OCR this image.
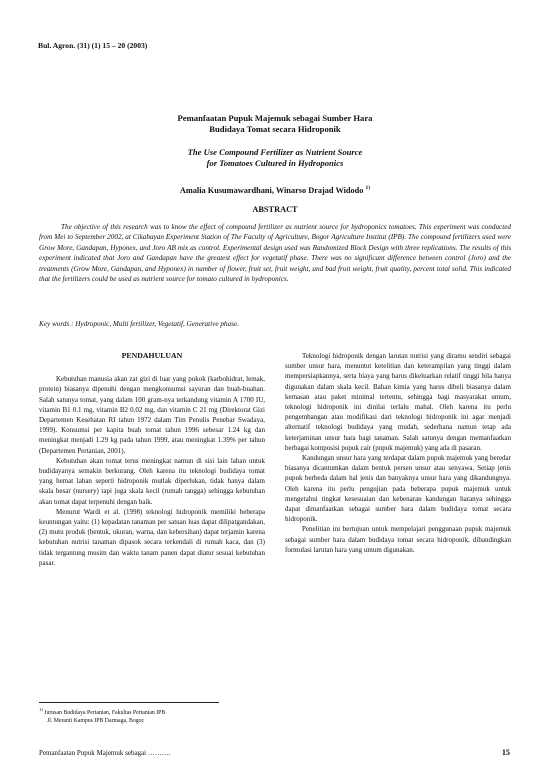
Bul. Agron. (31) (1) 15 – 20 (2003)
Pemanfaatan Pupuk Majemuk sebagai Sumber Hara
Budidaya Tomat secara Hidroponik
The Use Compound Fertilizer as Nutrient Source
for Tomatoes Cultured in Hydroponics
Amalia Kusumawardhani, Winarso Drajad Widodo $^{1)}$
ABSTRACT

The objective of this research was to know the effect of compound fertilizer as nutrient source for hydroponics tomatoes. This experiment was conducted from Mei to September 2002, at Cikabayan Experiment Station of The Faculty of Agriculture, Bogor Agriculture Institut (IPB). The compound fertilizers used were Grow More, Gandapan, Hyponex, and Joro AB mix as control. Experimental design used was Randomized Block Design with three replications. The results of this experiment indicated that Joro and Gandapan have the greatest effect for vegetatif phase. There was no significant difference between control (Joro) and the treatments (Grow More, Gandapan, and Hyponex) in number of flower, fruit set, fruit weight, and bad fruit weight, fruit quality, percent total solid. This indicated that the fertilizers could be used as nutrient source for tomato cultured in hydroponics.

Key words : Hydroponic, Multi fertilizer, Vegetatif, Generative phase.
PENDAHULUAN

Kebutuhan manusia akan zat gizi di luar yang pokok (karbohidrat, lemak, protein) biasanya dipenuhi dengan mengkonsumsi sayuran dan buah-buahan. Salah satunya tomat, yang dalam 100 gram-nya terkandung vitamin A 1700 IU, vitamin B1 0.1 mg, vitamin B2 0.02 mg, dan vitamin C 21 mg (Direktorat Gizi Departemen Kesehatan RI tahun 1972 dalam Tim Penulis Penebar Swadaya, 1999). Konsumsi per kapita buah tomat tahun 1996 sebesar 1.24 kg dan meningkat menjadi 1.29 kg pada tahun 1999, atau meningkat 1.39% per tahun (Departemen Pertanian, 2001).

Kebutuhan akan tomat terus meningkat namun di sisi lain lahan untuk budidayanya semakin berkurang. Oleh karena itu teknologi budidaya tomat yang hemat lahan seperti hidroponik mutlak diperlukan, tidak hanya dalam skala besar (nursery) tapi juga skala kecil (rumah tangga) sehingga kebutuhan akan tomat dapat terpenuhi dengan baik.

Menurut Wardi et al. (1998) teknologi hidroponik memiliki beberapa keuntungan yaitu: (1) kepadatan tanaman per satuan luas dapat dilipatgandakan, (2) mutu produk (bentuk, ukuran, warna, dan kebersihan) dapat terjamin karena kebutuhan nutrisi tanaman dipasok secara terkendali di rumah kaca, dan (3) tidak tergantung musim dan waktu tanam panen dapat diatur sesuai kebutuhan pasar.

Teknologi hidroponik dengan larutan nutrisi yang diramu sendiri sebagai sumber unsur hara, menuntut ketelitian dan keterampilan yang tinggi dalam mempersiapkannya, serta biaya yang harus dikeluarkan relatif tinggi bila hanya digunakan dalam skala kecil. Bahan kimia yang harus dibeli biasanya dalam kemasan atau paket minimal tertentu, sehingga bagi masyarakat umum, teknologi hidroponik ini dinilai terlalu mahal. Oleh karena itu perlu pengembangan atau modifikasi dari teknologi hidroponik ini agar menjadi alternatif teknologi budidaya yang mudah, sederhana namun tetap ada keterjaminan unsur hara bagi tanaman. Salah satunya dengan memanfaatkan berbagai komposisi pupuk cair (pupuk majemuk) yang ada di pasaran.

Kandungan unsur hara yang terdapat dalam pupuk majemuk yang beredar biasanya dicantumkan dalam bentuk persen unsur atau senyawa. Setiap jenis pupuk berbeda dalam hal jenis dan banyaknya unsur hara yang dikandungnya. Oleh karena itu perlu pengujian pada beberapa pupuk majemuk untuk mengetahui tingkat kesesuaian dan kebenaran kandungan haranya sehingga dapat dimanfaatkan sebagai sumber hara dalam budidaya tomat secara hidroponik.

Penelitian ini bertujuan untuk mempelajari penggunaan pupuk majemuk sebagai sumber hara dalam budidaya tomat secara hidroponik, dibandingkan formulasi larutan hara yang umum digunakan.

$^{1)}$ Jurusan Budidaya Pertanian, Fakultas Pertanian IPB
Jl. Meranti Kampus IPB Darmaga, Bogor.
Pemanfaatan Pupuk Majemuk sebagai ……….	15
